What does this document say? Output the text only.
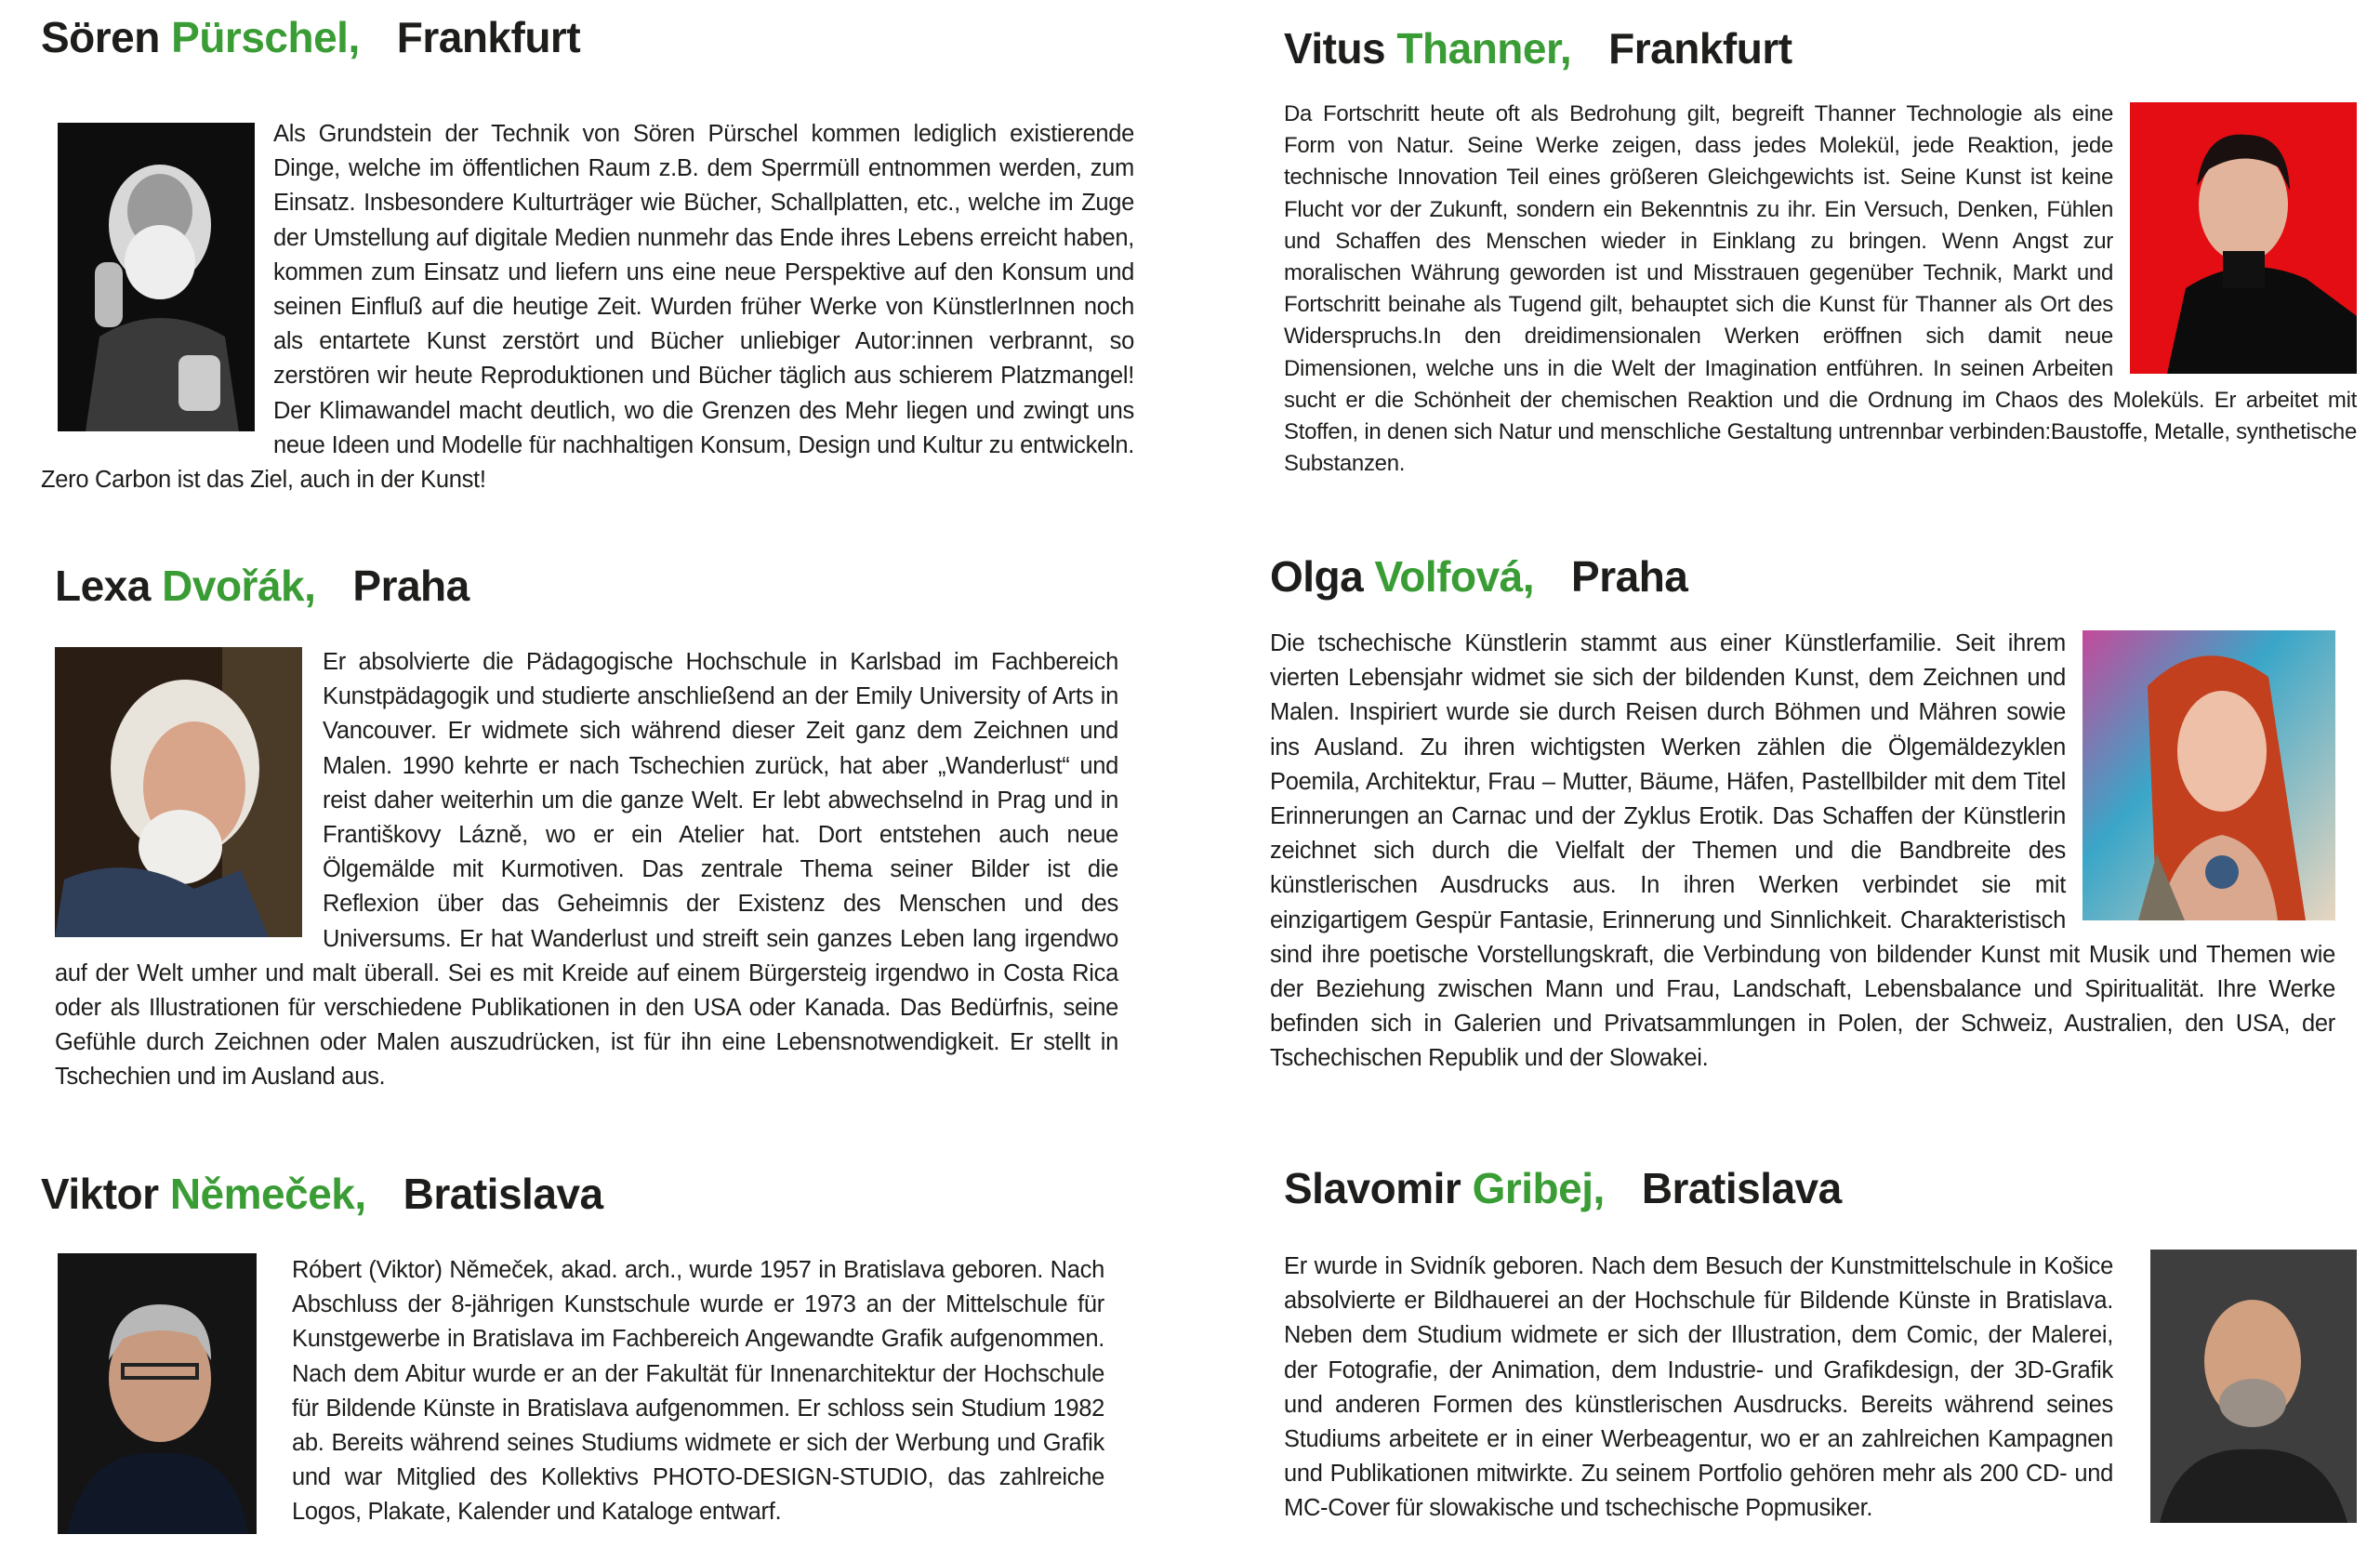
Sören Pürschel, Frankfurt

Als Grundstein der Technik von Sören Pürschel kommen lediglich existierende Dinge, welche im öffentlichen Raum z.B. dem Sperrmüll entnommen werden, zum Einsatz. Insbesondere Kulturträger wie Bücher, Schallplatten, etc., welche im Zuge der Umstellung auf digitale Medien nunmehr das Ende ihres Lebens erreicht haben, kommen zum Einsatz und liefern uns eine neue Perspektive auf den Konsum und seinen Einfluß auf die heutige Zeit. Wurden früher Werke von KünstlerInnen noch als entartete Kunst zerstört und Bücher unliebiger Autor:innen verbrannt, so zerstören wir heute Reproduktionen und Bücher täglich aus schierem Platzmangel! Der Klimawandel macht deutlich, wo die Grenzen des Mehr liegen und zwingt uns neue Ideen und Modelle für nachhaltigen Konsum, Design und Kultur zu entwickeln. Zero Carbon ist das Ziel, auch in der Kunst!

Vitus Thanner, Frankfurt

Da Fortschritt heute oft als Bedrohung gilt, begreift Thanner Technologie als eine Form von Natur. Seine Werke zeigen, dass jedes Molekül, jede Reaktion, jede technische Innovation Teil eines größeren Gleichgewichts ist. Seine Kunst ist keine Flucht vor der Zukunft, sondern ein Bekenntnis zu ihr. Ein Versuch, Denken, Fühlen und Schaffen des Menschen wieder in Einklang zu bringen. Wenn Angst zur moralischen Währung geworden ist und Misstrauen gegenüber Technik, Markt und Fortschritt beinahe als Tugend gilt, behauptet sich die Kunst für Thanner als Ort des Widerspruchs.In den dreidimensionalen Werken eröffnen sich damit neue Dimensionen, welche uns in die Welt der Imagination entführen. In seinen Arbeiten sucht er die Schönheit der chemischen Reaktion und die Ordnung im Chaos des Moleküls. Er arbeitet mit Stoffen, in denen sich Natur und menschliche Gestaltung untrennbar verbinden:Baustoffe, Metalle, synthetische Substanzen.

Lexa Dvořák, Praha

Er absolvierte die Pädagogische Hochschule in Karlsbad im Fachbereich Kunstpädagogik und studierte anschließend an der Emily University of Arts in Vancouver. Er widmete sich während dieser Zeit ganz dem Zeichnen und Malen. 1990 kehrte er nach Tschechien zurück, hat aber „Wanderlust“ und reist daher weiterhin um die ganze Welt. Er lebt abwechselnd in Prag und in Františkovy Lázně, wo er ein Atelier hat. Dort entstehen auch neue Ölgemälde mit Kurmotiven. Das zentrale Thema seiner Bilder ist die Reflexion über das Geheimnis der Existenz des Menschen und des Universums. Er hat Wanderlust und streift sein ganzes Leben lang irgendwo auf der Welt umher und malt überall. Sei es mit Kreide auf einem Bürgersteig irgendwo in Costa Rica oder als Illustrationen für verschiedene Publikationen in den USA oder Kanada. Das Bedürfnis, seine Gefühle durch Zeichnen oder Malen auszudrücken, ist für ihn eine Lebensnotwendigkeit. Er stellt in Tschechien und im Ausland aus.

Olga Volfová, Praha

Die tschechische Künstlerin stammt aus einer Künstlerfamilie. Seit ihrem vierten Lebensjahr widmet sie sich der bildenden Kunst, dem Zeichnen und Malen. Inspiriert wurde sie durch Reisen durch Böhmen und Mähren sowie ins Ausland. Zu ihren wichtigsten Werken zählen die Ölgemäldezyklen Poemila, Architektur, Frau – Mutter, Bäume, Häfen, Pastellbilder mit dem Titel Erinnerungen an Carnac und der Zyklus Erotik. Das Schaffen der Künstlerin zeichnet sich durch die Vielfalt der Themen und die Bandbreite des künstlerischen Ausdrucks aus. In ihren Werken verbindet sie mit einzigartigem Gespür Fantasie, Erinnerung und Sinnlichkeit. Charakteristisch sind ihre poetische Vorstellungskraft, die Verbindung von bildender Kunst mit Musik und Themen wie der Beziehung zwischen Mann und Frau, Landschaft, Lebensbalance und Spiritualität. Ihre Werke befinden sich in Galerien und Privatsammlungen in Polen, der Schweiz, Australien, den USA, der Tschechischen Republik und der Slowakei.

Viktor Němeček, Bratislava

Róbert (Viktor) Němeček, akad. arch., wurde 1957 in Bratislava geboren. Nach Abschluss der 8-jährigen Kunstschule wurde er 1973 an der Mittelschule für Kunstgewerbe in Bratislava im Fachbereich Angewandte Grafik aufgenommen. Nach dem Abitur wurde er an der Fakultät für Innenarchitektur der Hochschule für Bildende Künste in Bratislava aufgenommen. Er schloss sein Studium 1982 ab. Bereits während seines Studiums widmete er sich der Werbung und Grafik und war Mitglied des Kollektivs PHOTO-DESIGN-STUDIO, das zahlreiche Logos, Plakate, Kalender und Kataloge entwarf.

Slavomir Gribej, Bratislava

Er wurde in Svidník geboren. Nach dem Besuch der Kunstmittelschule in Košice absolvierte er Bildhauerei an der Hochschule für Bildende Künste in Bratislava. Neben dem Studium widmete er sich der Illustration, dem Comic, der Malerei, der Fotografie, der Animation, dem Industrie- und Grafikdesign, der 3D-Grafik und anderen Formen des künstlerischen Ausdrucks. Bereits während seines Studiums arbeitete er in einer Werbeagentur, wo er an zahlreichen Kampagnen und Publikationen mitwirkte. Zu seinem Portfolio gehören mehr als 200 CD- und MC-Cover für slowakische und tschechische Popmusiker.
